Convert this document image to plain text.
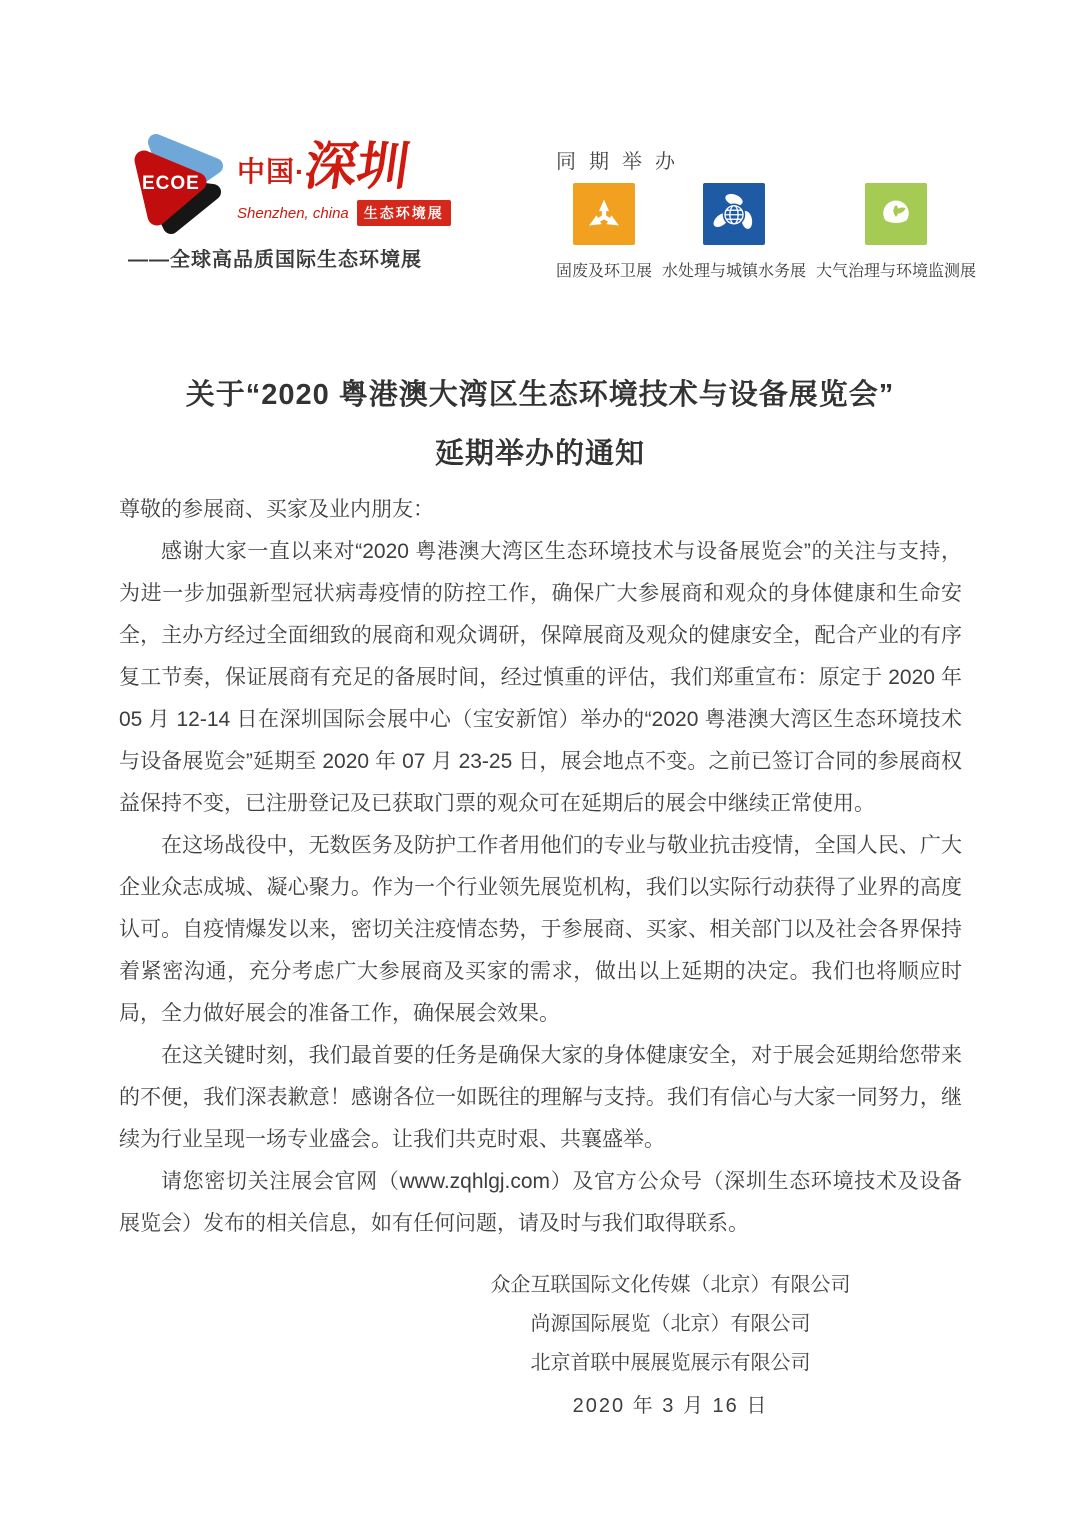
ECOE 中国·
深圳
Shenzhen, china	生态环境展
——全球高品质国际生态环境展
同期举办
固废及环卫展 水处理与城镇水务展 大气治理与环境监测展
关于“2020 粤港澳大湾区生态环境技术与设备展览会”
延期举办的通知

尊敬的参展商、买家及业内朋友：

感谢大家一直以来对“2020 粤港澳大湾区生态环境技术与设备展览会”的关注与支持，为进一步加强新型冠状病毒疫情的防控工作，确保广大参展商和观众的身体健康和生命安全，主办方经过全面细致的展商和观众调研，保障展商及观众的健康安全，配合产业的有序复工节奏，保证展商有充足的备展时间，经过慎重的评估，我们郑重宣布：原定于 2020 年 05 月 12-14 日在深圳国际会展中心（宝安新馆）举办的“2020 粤港澳大湾区生态环境技术与设备展览会”延期至 2020 年 07 月 23-25 日，展会地点不变。之前已签订合同的参展商权益保持不变，已注册登记及已获取门票的观众可在延期后的展会中继续正常使用。

在这场战役中，无数医务及防护工作者用他们的专业与敬业抗击疫情，全国人民、广大企业众志成城、凝心聚力。作为一个行业领先展览机构，我们以实际行动获得了业界的高度认可。自疫情爆发以来，密切关注疫情态势，于参展商、买家、相关部门以及社会各界保持着紧密沟通，充分考虑广大参展商及买家的需求，做出以上延期的决定。我们也将顺应时局，全力做好展会的准备工作，确保展会效果。

在这关键时刻，我们最首要的任务是确保大家的身体健康安全，对于展会延期给您带来的不便，我们深表歉意！感谢各位一如既往的理解与支持。我们有信心与大家一同努力，继续为行业呈现一场专业盛会。让我们共克时艰、共襄盛举。

请您密切关注展会官网（www.zqhlgj.com）及官方公众号（深圳生态环境技术及设备展览会）发布的相关信息，如有任何问题，请及时与我们取得联系。

众企互联国际文化传媒（北京）有限公司
尚源国际展览（北京）有限公司
北京首联中展展览展示有限公司
2020 年 3 月 16 日
